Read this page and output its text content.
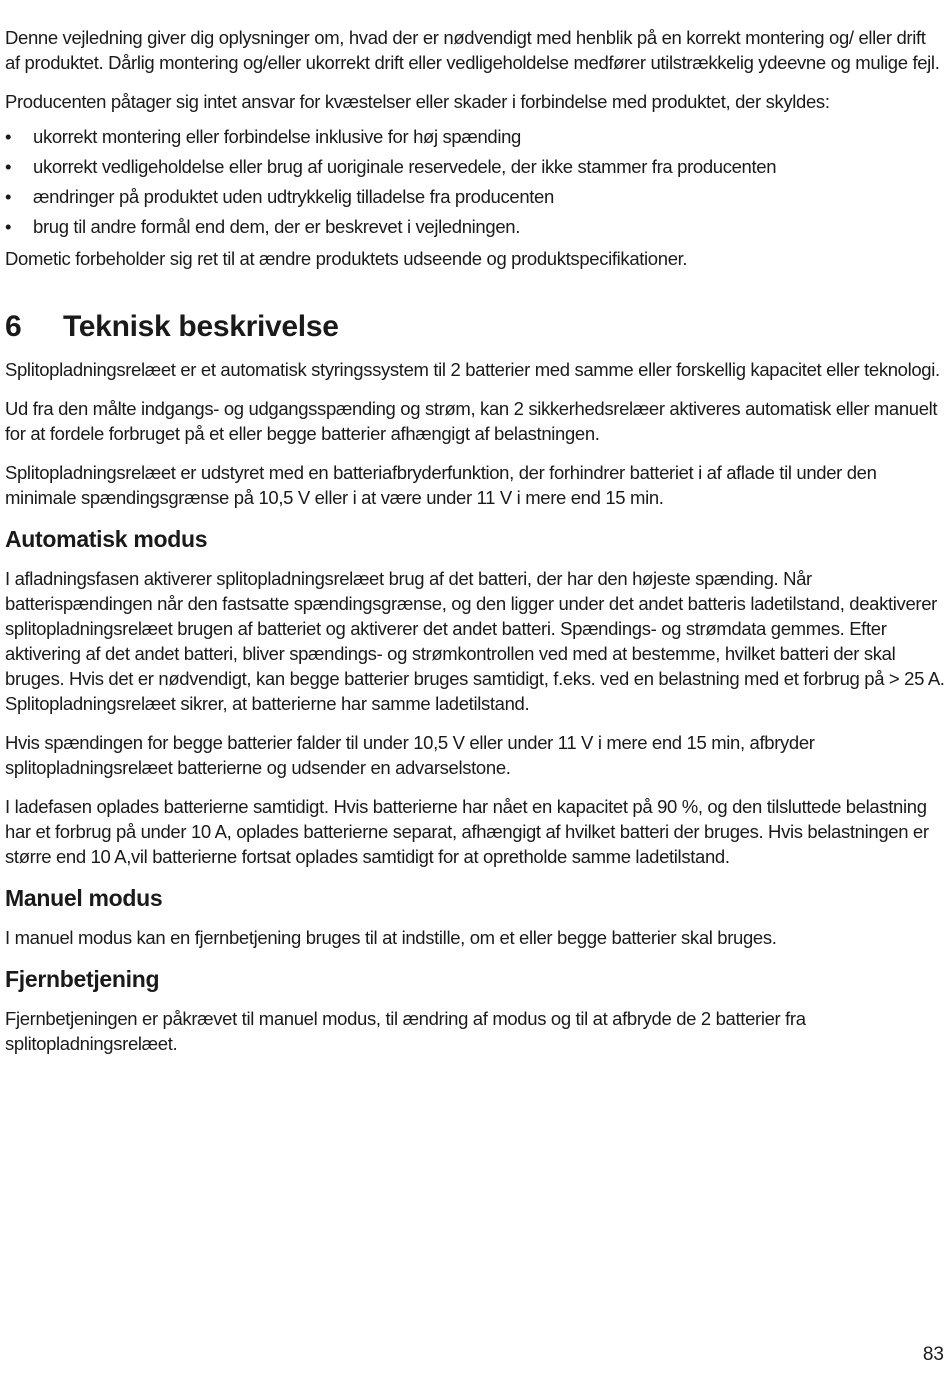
Denne vejledning giver dig oplysninger om, hvad der er nødvendigt med henblik på en korrekt montering og/ eller drift af produktet. Dårlig montering og/eller ukorrekt drift eller vedligeholdelse medfører utilstrækkelig ydeevne og mulige fejl.

Producenten påtager sig intet ansvar for kvæstelser eller skader i forbindelse med produktet, der skyldes:

• ukorrekt montering eller forbindelse inklusive for høj spænding
• ukorrekt vedligeholdelse eller brug af uoriginale reservedele, der ikke stammer fra producenten
• ændringer på produktet uden udtrykkelig tilladelse fra producenten
• brug til andre formål end dem, der er beskrevet i vejledningen.

Dometic forbeholder sig ret til at ændre produktets udseende og produktspecifikationer.

6	Teknisk beskrivelse

Splitopladningsrelæet er et automatisk styringssystem til 2 batterier med samme eller forskellig kapacitet eller teknologi.

Ud fra den målte indgangs- og udgangsspænding og strøm, kan 2 sikkerhedsrelæer aktiveres automatisk eller manuelt for at fordele forbruget på et eller begge batterier afhængigt af belastningen.

Splitopladningsrelæet er udstyret med en batteriafbryderfunktion, der forhindrer batteriet i af aflade til under den minimale spændingsgrænse på 10,5 V eller i at være under 11 V i mere end 15 min.

Automatisk modus

I afladningsfasen aktiverer splitopladningsrelæet brug af det batteri, der har den højeste spænding. Når batterispændingen når den fastsatte spændingsgrænse, og den ligger under det andet batteris ladetilstand, deaktiverer splitopladningsrelæet brugen af batteriet og aktiverer det andet batteri. Spændings- og strømdata gemmes. Efter aktivering af det andet batteri, bliver spændings- og strømkontrollen ved med at bestemme, hvilket batteri der skal bruges. Hvis det er nødvendigt, kan begge batterier bruges samtidigt, f.eks. ved en belastning med et forbrug på > 25 A. Splitopladningsrelæet sikrer, at batterierne har samme ladetilstand.

Hvis spændingen for begge batterier falder til under 10,5 V eller under 11 V i mere end 15 min, afbryder splitopladningsrelæet batterierne og udsender en advarselstone.

I ladefasen oplades batterierne samtidigt. Hvis batterierne har nået en kapacitet på 90 %, og den tilsluttede belastning har et forbrug på under 10 A, oplades batterierne separat, afhængigt af hvilket batteri der bruges. Hvis belastningen er større end 10 A,vil batterierne fortsat oplades samtidigt for at opretholde samme ladetilstand.

Manuel modus

I manuel modus kan en fjernbetjening bruges til at indstille, om et eller begge batterier skal bruges.

Fjernbetjening

Fjernbetjeningen er påkrævet til manuel modus, til ændring af modus og til at afbryde de 2 batterier fra splitopladningsrelæet.

83
